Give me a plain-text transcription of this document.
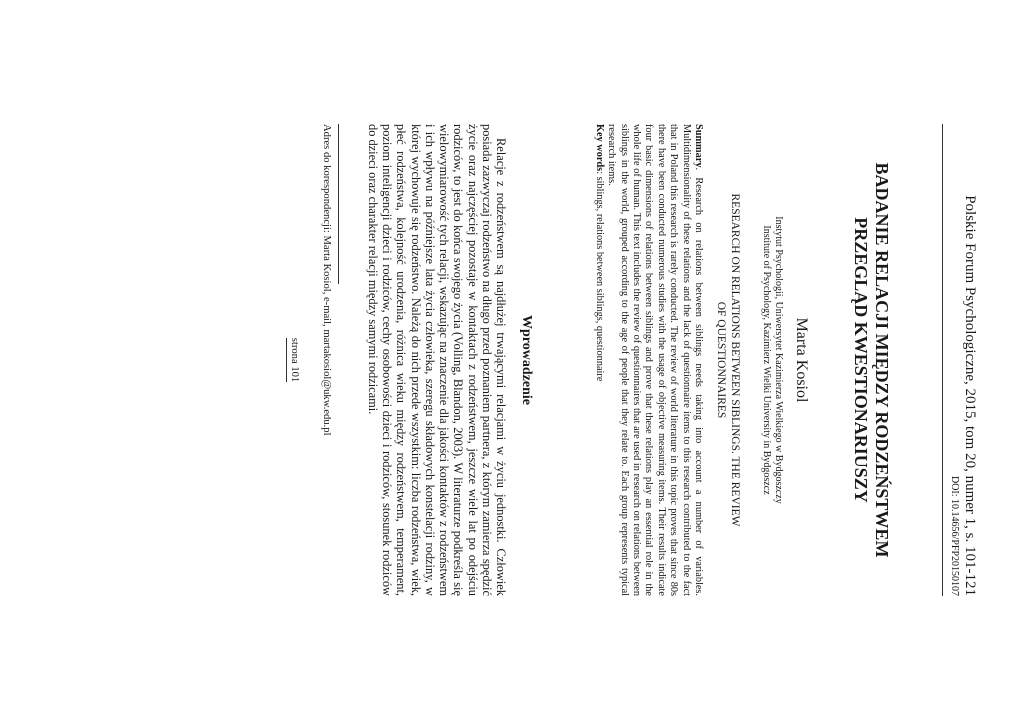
Polskie Forum Psychologiczne, 2015, tom 20, numer 1, s. 101-121
DOI: 10.14656/PFP20150107
BADANIE RELACJI MIĘDZY RODZEŃSTWEM
PRZEGLĄD KWESTIONARIUSZY
Marta Kosiol
Instytut Psychologii, Uniwersytet Kazimierza Wielkiego w Bydgoszczy
Institute of Psychology, Kazimierz Wielki University in Bydgoszcz
RESEARCH ON RELATIONS BETWEEN SIBLINGS. THE REVIEW
OF QUESTIONNAIRES
Summary. Research on relations between siblings needs taking into account a number of variables. Multidimensionality of these relations and the lack of questionnaire items to this research contributed to the fact that in Poland this research is rarely conducted. The review of world literature in this topic proves that since 80s there have been conducted numerous studies with the usage of objective measuring items. Their results indicate four basic dimensions of relations between siblings and prove that these relations play an essential role in the whole life of human. This text includes the review of questionnaires that are used in research on relations between siblings in the world, grouped according to the age of people that they relate to. Each group represents typical research items.
Key words: siblings, relations between siblings, questionnaire
Wprowadzenie
Relacje z rodzeństwem są najdłużej trwającymi relacjami w życiu jednostki. Człowiek posiada zazwyczaj rodzeństwo na długo przed poznaniem partnera, z którym zamierza spędzić życie oraz najczęściej pozostaje w kontaktach z rodzeństwem, jeszcze wiele lat po odejściu rodziców, to jest do końca swojego życia (Volling, Blandon, 2003). W literaturze podkreśla się wielowymiarowość tych relacji, wskazując na znaczenie dla jakości kontaktów z rodzeństwem i ich wpływu na późniejsze lata życia człowieka, szeregu składowych konstelacji rodziny, w której wychowuje się rodzeństwo. Należą do nich przede wszystkim: liczba rodzeństwa, wiek, płeć rodzeństwa, kolejność urodzenia, różnica wieku między rodzeństwem, temperament, poziom inteligencji dzieci i rodziców, cechy osobowości dzieci i rodziców, stosunek rodziców do dzieci oraz charakter relacji między samymi rodzicami.
Adres do korespondencji: Marta Kosiol, e-mail, martakosiol@ukw.edu.pl
strona 101
